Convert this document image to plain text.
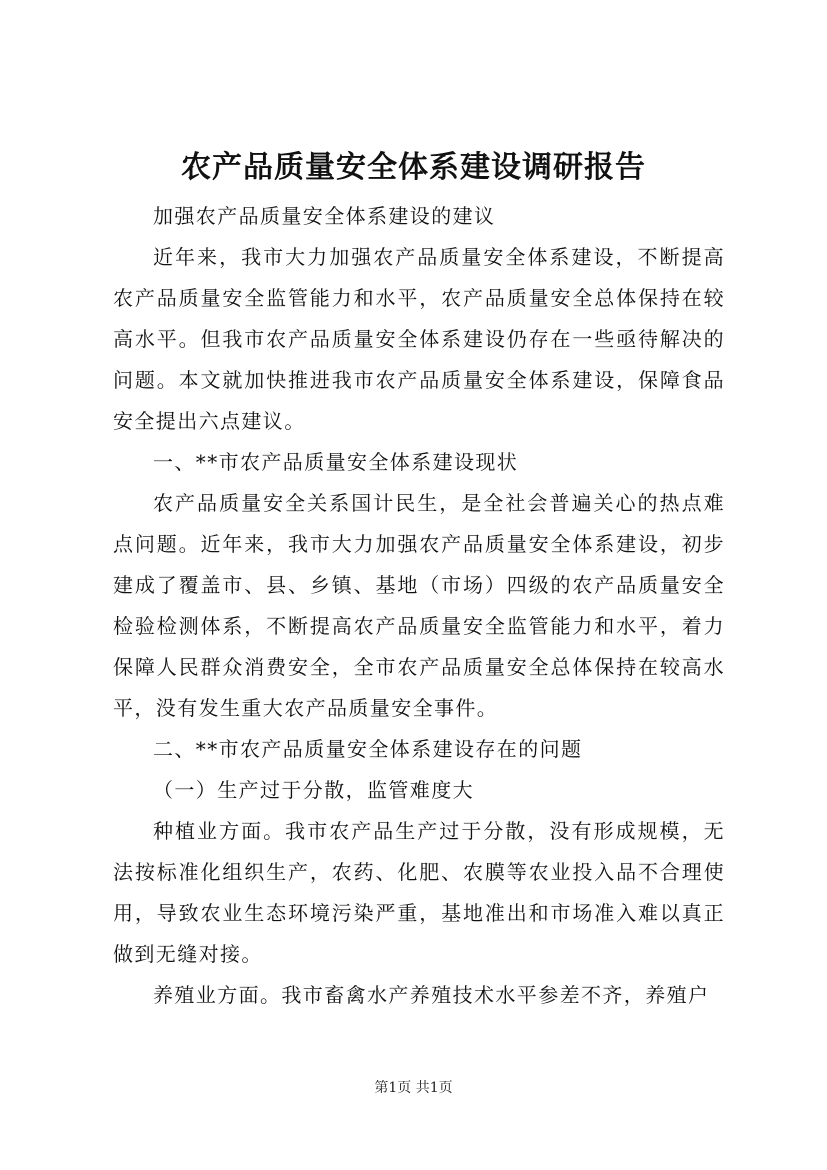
农产品质量安全体系建设调研报告

加强农产品质量安全体系建设的建议

近年来，我市大力加强农产品质量安全体系建设，不断提高农产品质量安全监管能力和水平，农产品质量安全总体保持在较高水平。但我市农产品质量安全体系建设仍存在一些亟待解决的问题。本文就加快推进我市农产品质量安全体系建设，保障食品安全提出六点建议。

一、**市农产品质量安全体系建设现状

农产品质量安全关系国计民生，是全社会普遍关心的热点难点问题。近年来，我市大力加强农产品质量安全体系建设，初步建成了覆盖市、县、乡镇、基地（市场）四级的农产品质量安全检验检测体系，不断提高农产品质量安全监管能力和水平，着力保障人民群众消费安全，全市农产品质量安全总体保持在较高水平，没有发生重大农产品质量安全事件。

二、**市农产品质量安全体系建设存在的问题

（一）生产过于分散，监管难度大

种植业方面。我市农产品生产过于分散，没有形成规模，无法按标准化组织生产，农药、化肥、农膜等农业投入品不合理使用，导致农业生态环境污染严重，基地准出和市场准入难以真正做到无缝对接。

养殖业方面。我市畜禽水产养殖技术水平参差不齐，养殖户

第1页 共1页
